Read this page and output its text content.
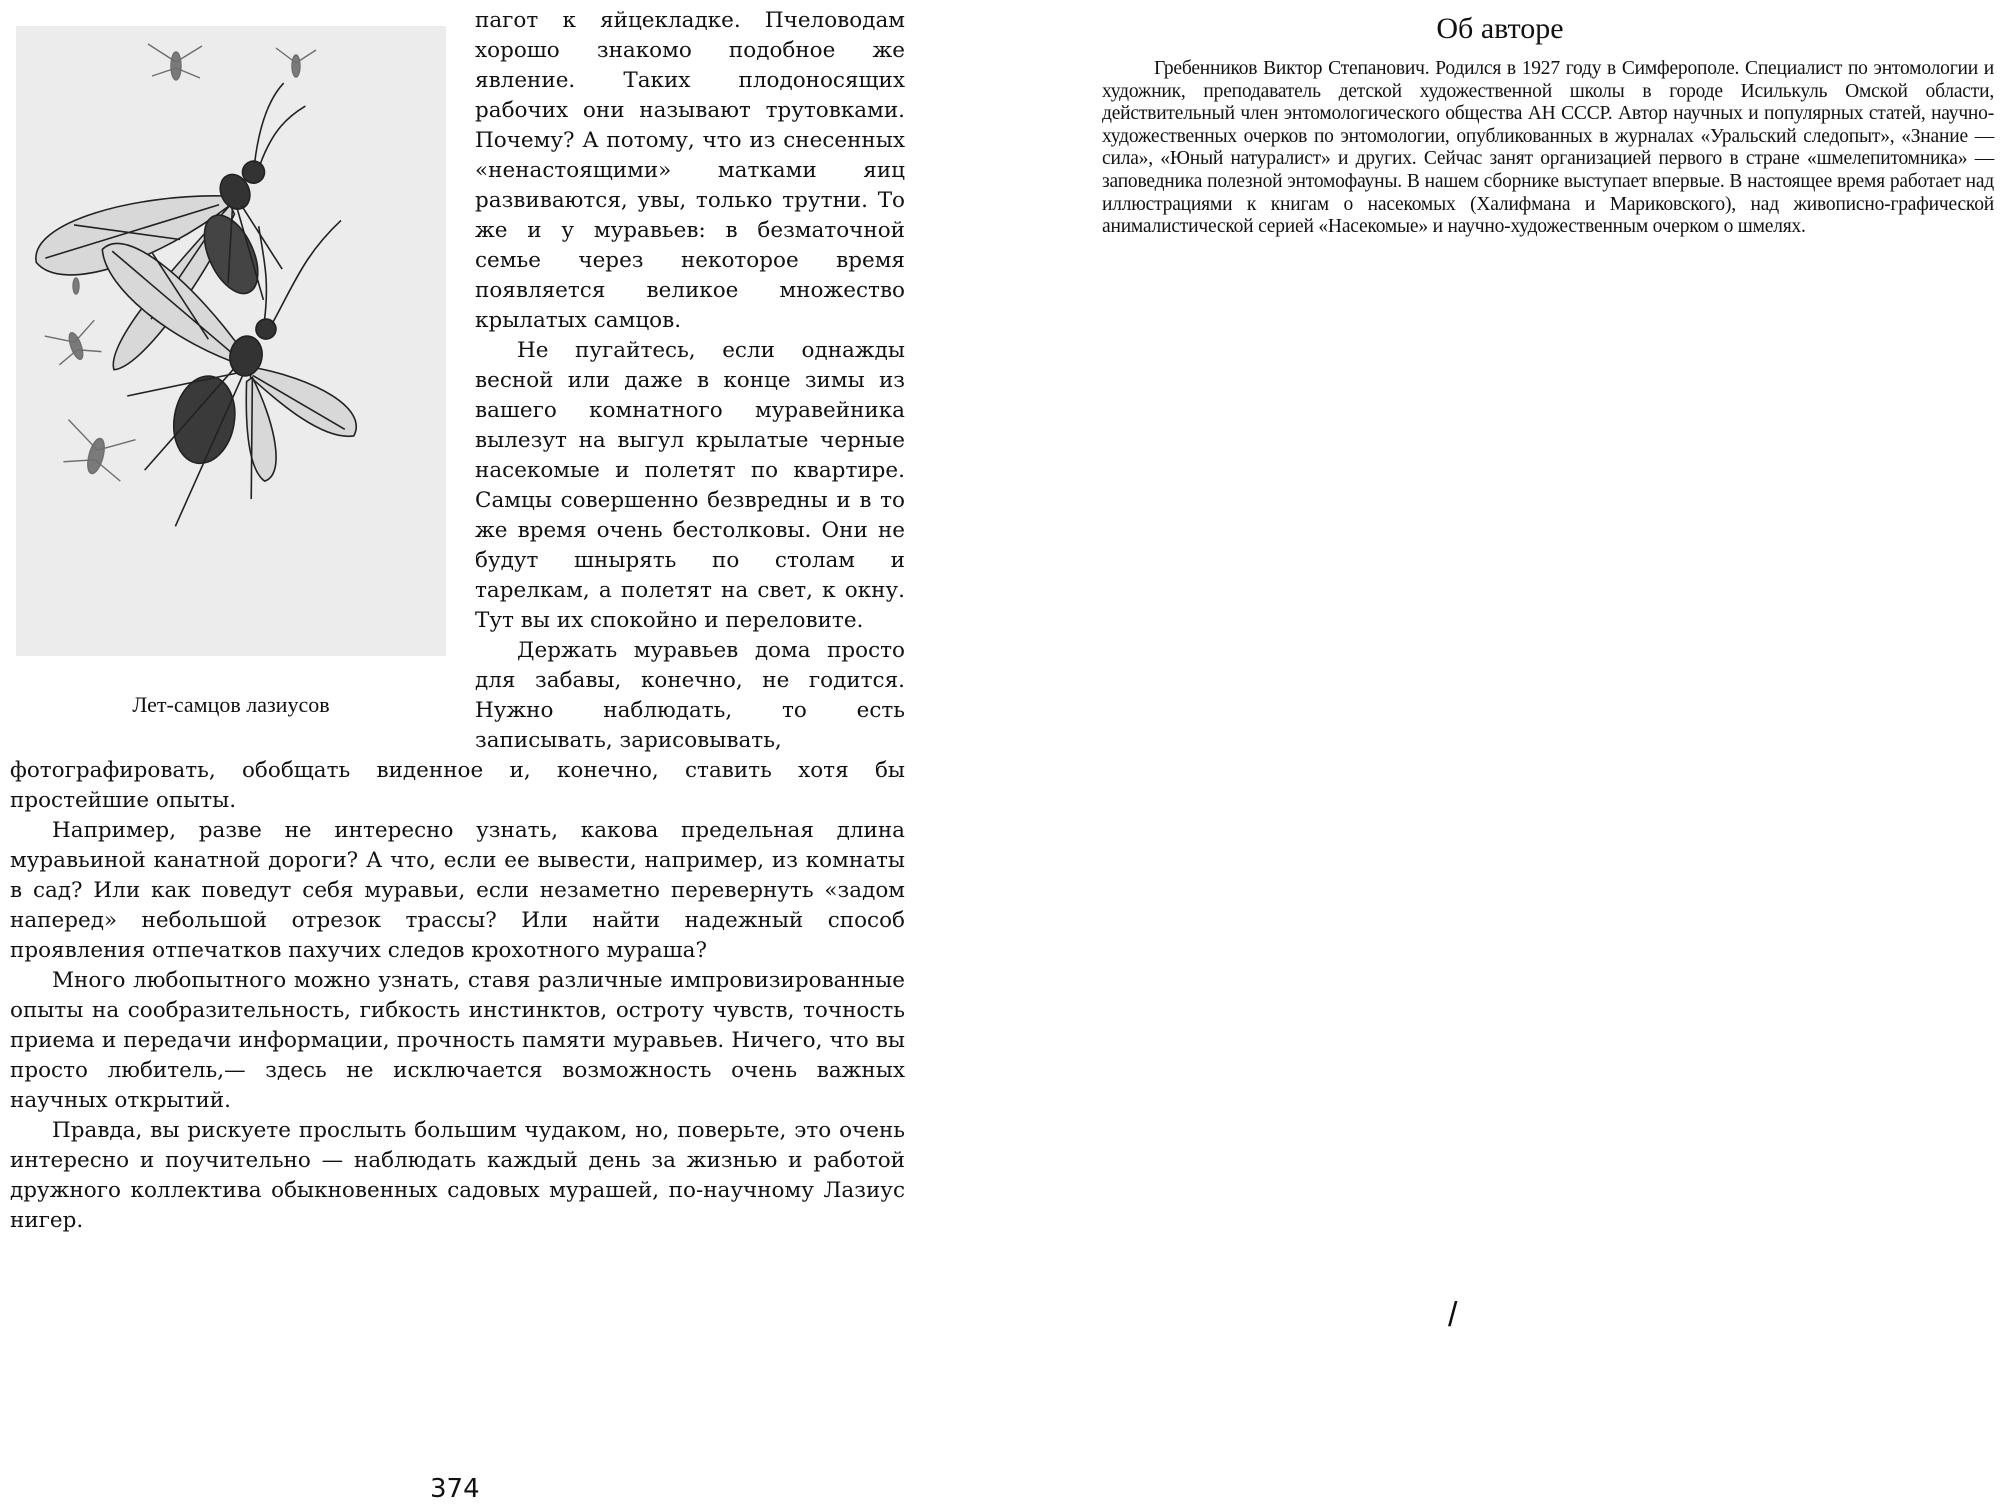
Лет-самцов лазиусов

пагот к яйцекладке. Пчеловодам хорошо знакомо подобное же явление. Таких плодоносящих рабочих они называют трутовками. Почему? А потому, что из снесенных «ненастоящими» матками яиц развиваются, увы, только трутни. То же и у муравьев: в безматочной семье через некоторое время появляется великое множество крылатых самцов.

Не пугайтесь, если однажды весной или даже в конце зимы из вашего комнатного муравейника вылезут на выгул крылатые черные насекомые и полетят по квартире. Самцы совершенно безвредны и в то же время очень бестолковы. Они не будут шнырять по столам и тарелкам, а полетят на свет, к окну. Тут вы их спокойно и переловите.

Держать муравьев дома просто для забавы, конечно, не годится. Нужно наблюдать, то есть записывать, зарисовывать,

фотографировать, обобщать виденное и, конечно, ставить хотя бы простейшие опыты.

Например, разве не интересно узнать, какова предельная длина муравьиной канатной дороги? А что, если ее вывести, например, из комнаты в сад? Или как поведут себя муравьи, если незаметно перевернуть «задом наперед» небольшой отрезок трассы? Или найти надежный способ проявления отпечатков пахучих следов крохотного мураша?

Много любопытного можно узнать, ставя различные импровизированные опыты на сообразительность, гибкость инстинктов, остроту чувств, точность приема и передачи информации, прочность памяти муравьев. Ничего, что вы просто любитель,— здесь не исключается возможность очень важных научных открытий.

Правда, вы рискуете прослыть большим чудаком, но, поверьте, это очень интересно и поучительно — наблюдать каждый день за жизнью и работой дружного коллектива обыкновенных садовых мурашей, по-научному Лазиус нигер.

374
Об авторе

Гребенников Виктор Степанович. Родился в 1927 году в Симферополе. Специалист по энтомологии и художник, преподаватель детской художественной школы в городе Исилькуль Омской области, действительный член энтомологического общества АН СССР. Автор научных и популярных статей, научно-художественных очерков по энтомологии, опубликованных в журналах «Уральский следопыт», «Знание — сила», «Юный натуралист» и других. Сейчас занят организацией первого в стране «шмелепитомника» — заповедника полезной энтомофауны. В нашем сборнике выступает впервые. В настоящее время работает над иллюстрациями к книгам о насекомых (Халифмана и Мариковского), над живописно-графической анималистической серией «Насекомые» и научно-художественным очерком о шмелях.

/
